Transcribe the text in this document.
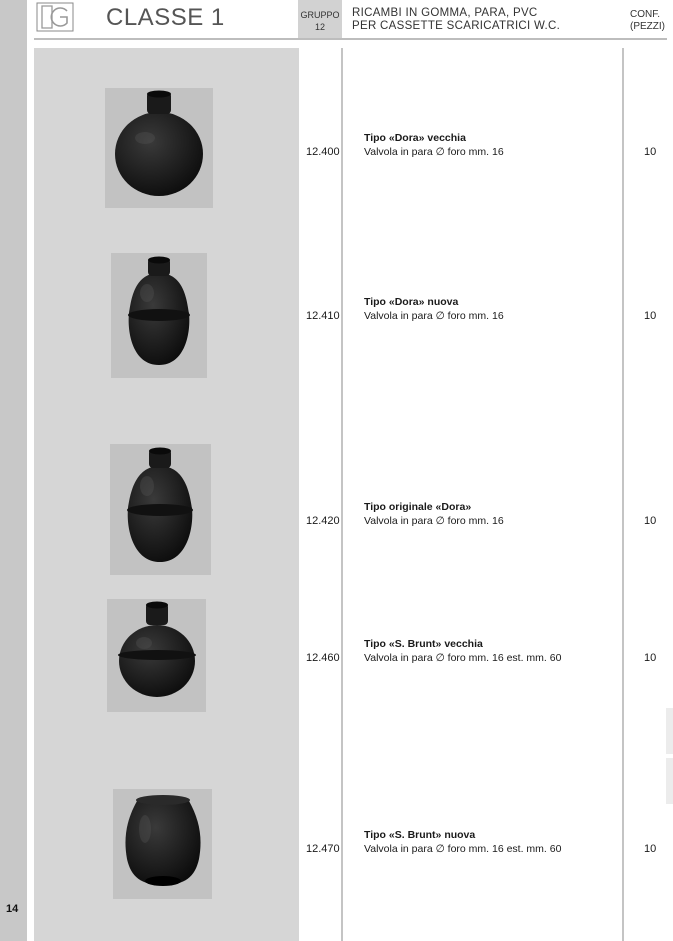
14
CLASSE 1	GRUPPO
12
RICAMBI IN GOMMA, PARA, PVC
PER CASSETTE SCARICATRICI W.C.
CONF.
(PEZZI)
12.400
Tipo «Dora» vecchia
Valvola in para ∅ foro mm. 16	10
12.410
Tipo «Dora» nuova
Valvola in para ∅ foro mm. 16	10
12.420
Tipo originale «Dora»
Valvola in para ∅ foro mm. 16	10
12.460
Tipo «S. Brunt» vecchia
Valvola in para ∅ foro mm. 16 est. mm. 60	10
12.470
Tipo «S. Brunt» nuova
Valvola in para ∅ foro mm. 16 est. mm. 60	10
